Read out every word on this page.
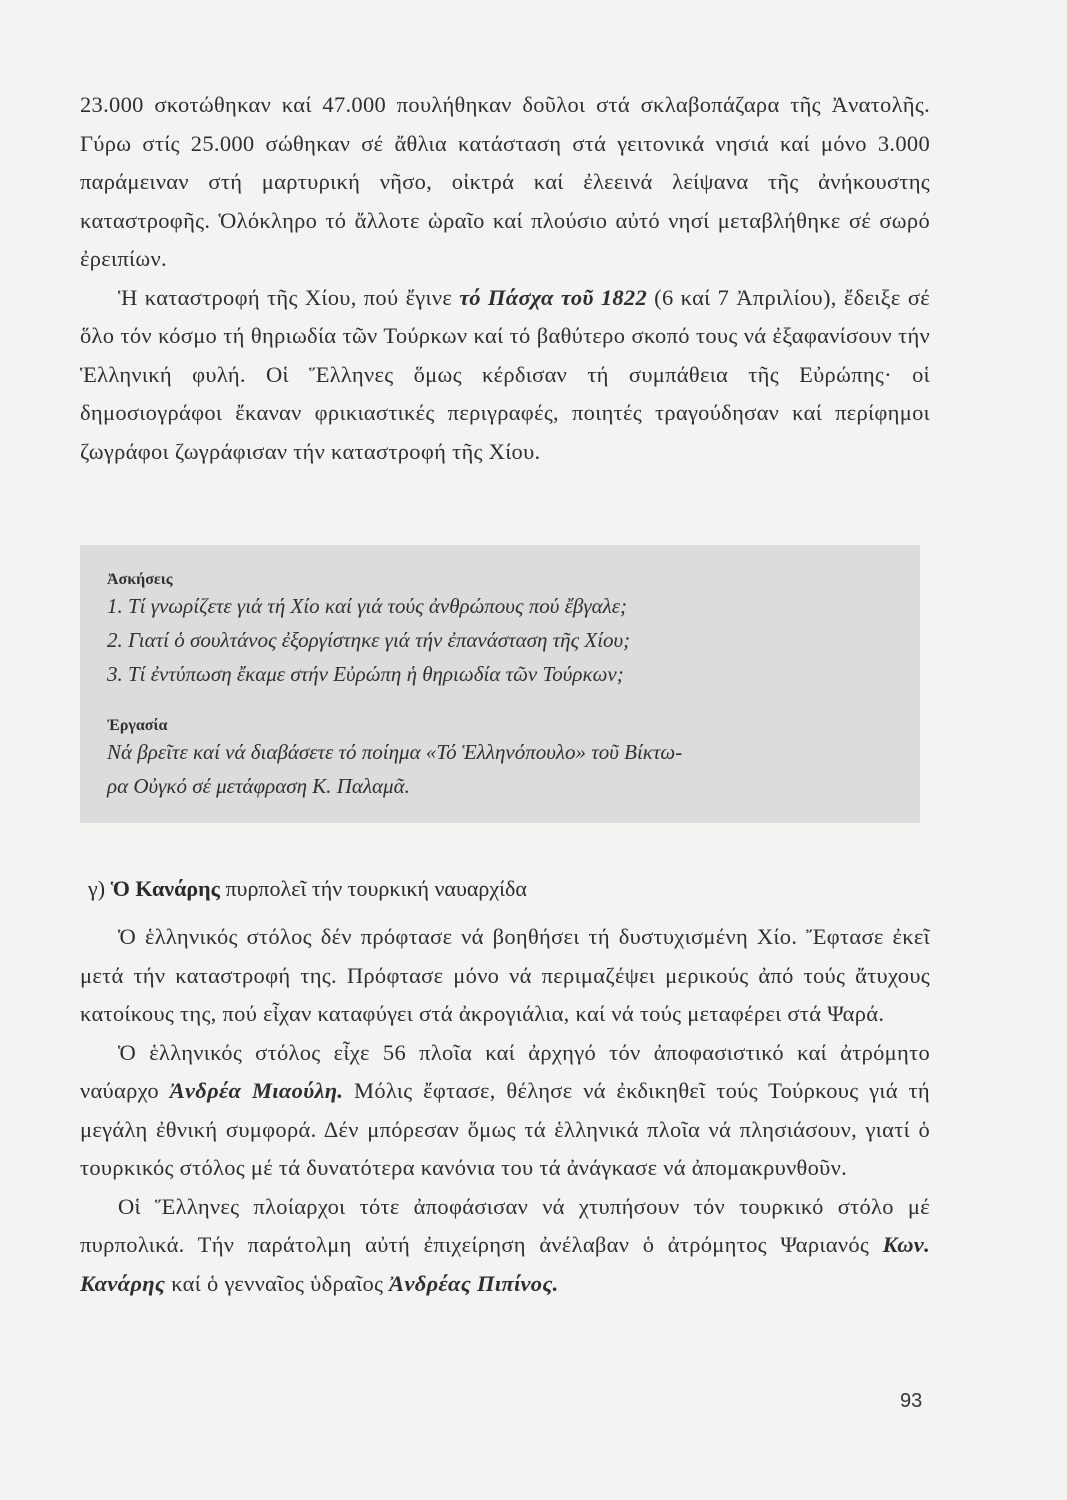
23.000 σκοτώθηκαν καί 47.000 πουλήθηκαν δοῦλοι στά σκλαβοπάζαρα τῆς Ἀνατολῆς. Γύρω στίς 25.000 σώθηκαν σέ ἄθλια κατάσταση στά γειτονικά νησιά καί μόνο 3.000 παράμειναν στή μαρτυρική νῆσο, οἰκτρά καί ἐλεεινά λείψανα τῆς ἀνήκουστης καταστροφῆς. Ὁλόκληρο τό ἄλλοτε ὡραῖο καί πλούσιο αὐτό νησί μεταβλήθηκε σέ σωρό ἐρειπίων.

Ἡ καταστροφή τῆς Χίου, πού ἔγινε τό Πάσχα τοῦ 1822 (6 καί 7 Ἀπριλίου), ἔδειξε σέ ὅλο τόν κόσμο τή θηριωδία τῶν Τούρκων καί τό βαθύτερο σκοπό τους νά ἐξαφανίσουν τήν Ἑλληνική φυλή. Οἱ Ἕλληνες ὅμως κέρδισαν τή συμπάθεια τῆς Εὐρώπης· οἱ δημοσιογράφοι ἔκαναν φρικιαστικές περιγραφές, ποιητές τραγούδησαν καί περίφημοι ζωγράφοι ζωγράφισαν τήν καταστροφή τῆς Χίου.

Ἀσκήσεις

1. Τί γνωρίζετε γιά τή Χίο καί γιά τούς ἀνθρώπους πού ἔβγαλε;

2. Γιατί ὁ σουλτάνος ἐξοργίστηκε γιά τήν ἐπανάσταση τῆς Χίου;

3. Τί ἐντύπωση ἔκαμε στήν Εὐρώπη ἡ θηριωδία τῶν Τούρκων;

Ἐργασία

Νά βρεῖτε καί νά διαβάσετε τό ποίημα «Τό Ἑλληνόπουλο» τοῦ Βίκτω-

ρα Οὐγκό σέ μετάφραση Κ. Παλαμᾶ.

γ) Ὁ Κανάρης πυρπολεῖ τήν τουρκική ναυαρχίδα

Ὁ ἑλληνικός στόλος δέν πρόφτασε νά βοηθήσει τή δυστυχισμένη Χίο. Ἔφτασε ἐκεῖ μετά τήν καταστροφή της. Πρόφτασε μόνο νά περιμαζέψει μερικούς ἀπό τούς ἄτυχους κατοίκους της, πού εἶχαν καταφύγει στά ἀκρογιάλια, καί νά τούς μεταφέρει στά Ψαρά.

Ὁ ἑλληνικός στόλος εἶχε 56 πλοῖα καί ἀρχηγό τόν ἀποφασιστικό καί ἀτρόμητο ναύαρχο Ἀνδρέα Μιαούλη. Μόλις ἔφτασε, θέλησε νά ἐκδικηθεῖ τούς Τούρκους γιά τή μεγάλη ἐθνική συμφορά. Δέν μπόρεσαν ὅμως τά ἑλληνικά πλοῖα νά πλησιάσουν, γιατί ὁ τουρκικός στόλος μέ τά δυνατότερα κανόνια του τά ἀνάγκασε νά ἀπομακρυνθοῦν.

Οἱ Ἕλληνες πλοίαρχοι τότε ἀποφάσισαν νά χτυπήσουν τόν τουρκικό στόλο μέ πυρπολικά. Τήν παράτολμη αὐτή ἐπιχείρηση ἀνέλαβαν ὁ ἀτρόμητος Ψαριανός Κων. Κανάρης καί ὁ γενναῖος ὑδραῖος Ἀνδρέας Πιπίνος.

93
